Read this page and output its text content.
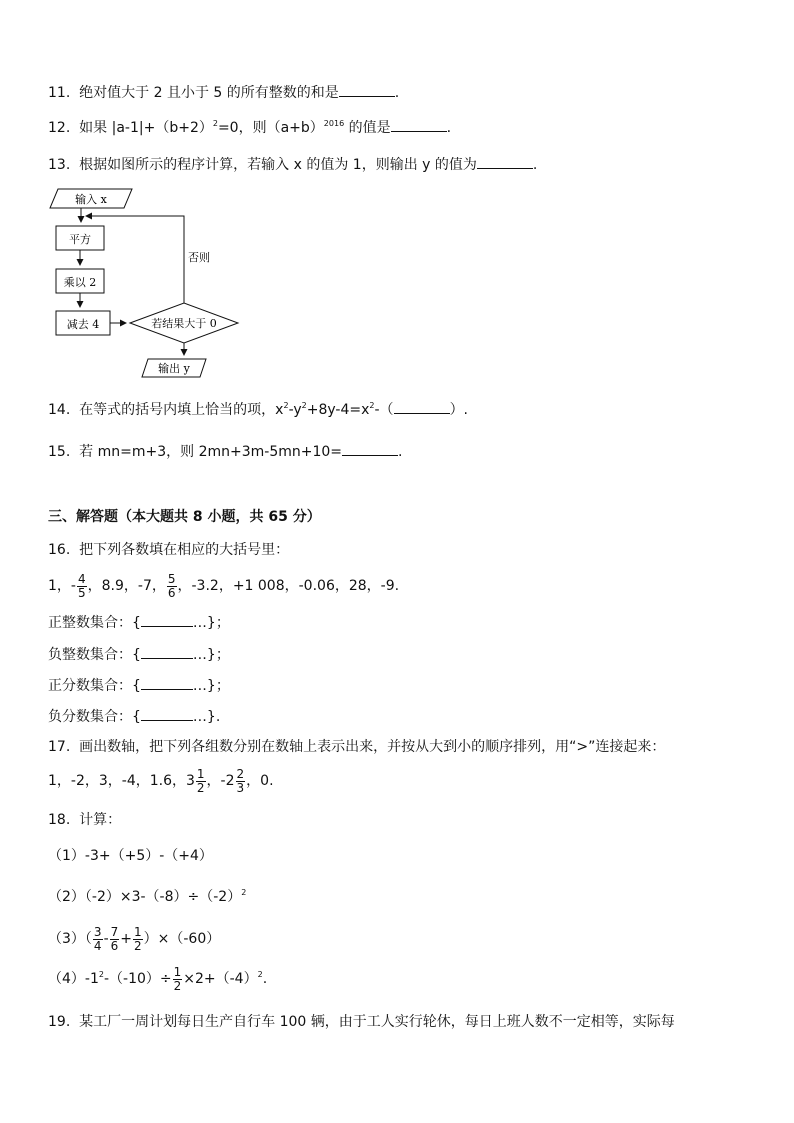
11. 绝对值大于 2 且小于 5 的所有整数的和是	.
12. 如果 $|a-1|+(b+2)^2=0$，则$(a+b)^{2016}$ 的值是	.
13. 根据如图所示的程序计算，若输入 x 的值为 1，则输出 y 的值为	.
输入 x
平方
乘以 2
减去 4	若结果大于 0
否则
输出 y
14. 在等式的括号内填上恰当的项，$x^2-y^2+8y-4=x^2-$（	）.
15. 若 mn=m+3，则 2mn+3m-5mn+10=	.
三、解答题（本大题共 8 小题，共 65 分）
16. 把下列各数填在相应的大括号里：
1，- $\frac{4}{5}$ ，8.9，-7， $\frac{5}{6}$ ，-3.2，+1 008，-0.06，28，-9.
正整数集合：{	…}；
负整数集合：{	…}；
正分数集合：{	…}；
负分数集合：{	…}.
17. 画出数轴，把下列各组数分别在数轴上表示出来，并按从大到小的顺序排列，用“>”连接起来：
1，-2，3，-4，1.6，$3 \frac{1}{2}$ ，$-2 \frac{2}{3}$ ，0.
18. 计算：
（1）-3+（+5）-（+4）
$(2)(-2)\times 3-(-8)\div(-2)^2$
$(3)( \frac{3}{4} - \frac{7}{6} + \frac{1}{2} )\times(-60)$
$(4)-1^2-(-10)\div \frac{1}{2} \times 2+(-4)^2$.
19. 某工厂一周计划每日生产自行车 100 辆，由于工人实行轮休，每日上班人数不一定相等，实际每
